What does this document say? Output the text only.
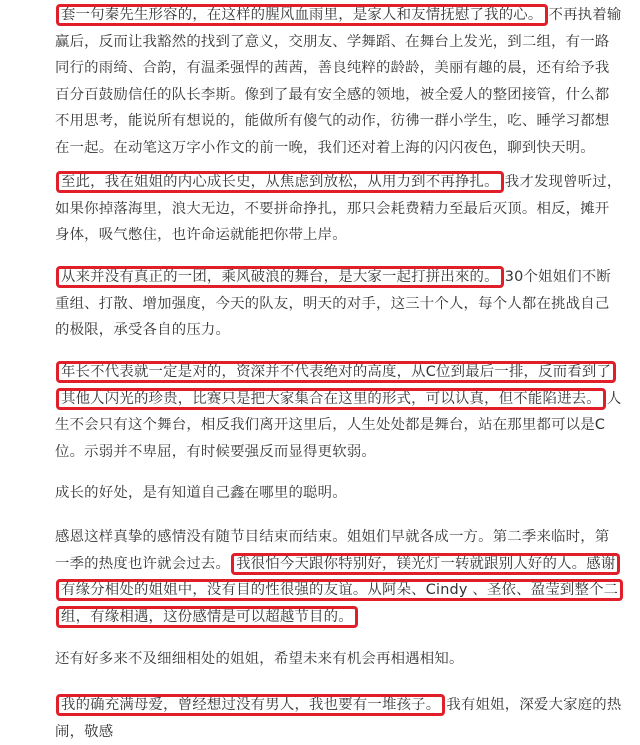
套一句秦先生形容的，在这样的腥风血雨里，是家人和友情抚慰了我的心。 不再执着输赢后，反而让我豁然的找到了意义，交朋友、学舞蹈、在舞台上发光，到二组，有一路同行的雨绮、合韵，有温柔强悍的茜茜，善良纯粹的龄龄，美丽有趣的晨，还有给予我百分百鼓励信任的队长李斯。像到了最有安全感的领地，被全爱人的整团接管，什么都不用思考，能说所有想说的，能做所有傻气的动作，彷彿一群小学生，吃、睡学习都想在一起。在动笔这万字小作文的前一晚，我们还对着上海的闪闪夜色，聊到快天明。

至此，我在姐姐的内心成长史，从焦虑到放松，从用力到不再挣扎。 我才发现曾听过，如果你掉落海里，浪大无边，不要拼命挣扎，那只会耗费精力至最后灭顶。相反，摊开身体，吸气憋住，也许命运就能把你带上岸。

从来并没有真正的一团，乘风破浪的舞台，是大家一起打拼出來的。 30个姐姐们不断重组、打散、增加强度，今天的队友，明天的对手，这三十个人，每个人都在挑战自己的极限，承受各自的压力。

年长不代表就一定是对的，资深并不代表绝对的高度，从C位到最后一排，反而看到了其他人闪光的珍贵，比赛只是把大家集合在这里的形式，可以认真，但不能陷进去。 人生不会只有这个舞台，相反我们离开这里后，人生处处都是舞台，站在那里都可以是C位。示弱并不卑屈，有时候要强反而显得更软弱。

成长的好处，是有知道自己鑫在哪里的聪明。

感恩这样真挚的感情没有随节目结束而结束。姐姐们早就各成一方。第二季来临时，第一季的热度也许就会过去。 我很怕今天跟你特别好，镁光灯一转就跟别人好的人。感谢有缘分相处的姐姐中，没有目的性很强的友谊。从阿朵、Cindy 、圣依、盈莹到整个二组，有缘相遇，这份感情是可以超越节目的。

还有好多来不及细细相处的姐姐，希望未来有机会再相遇相知。

我的确充满母爱，曾经想过没有男人，我也要有一堆孩子。 我有姐姐，深爱大家庭的热闹，敬感
